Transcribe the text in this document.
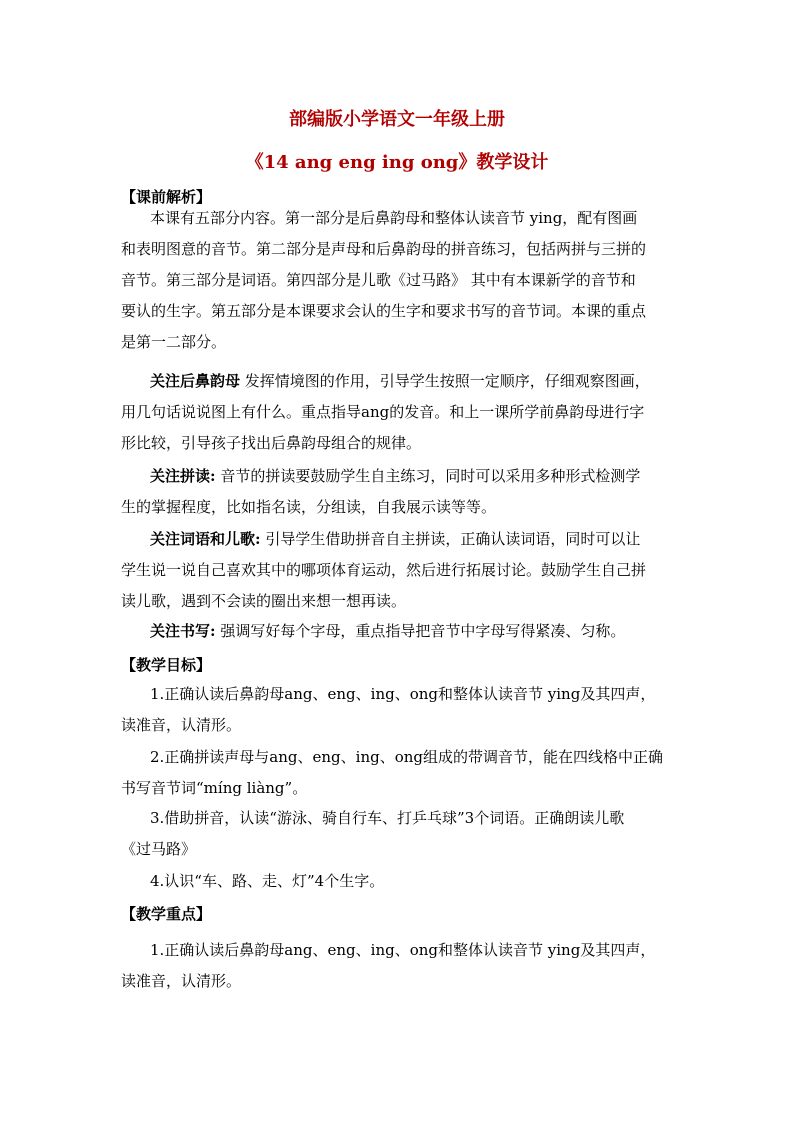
部编版小学语文一年级上册
《14 ang eng ing ong》教学设计
【课前解析】
本课有五部分内容。第一部分是后鼻韵母和整体认读音节 ying，配有图画
和表明图意的音节。第二部分是声母和后鼻韵母的拼音练习，包括两拼与三拼的
音节。第三部分是词语。第四部分是儿歌《过马路》 其中有本课新学的音节和
要认的生字。第五部分是本课要求会认的生字和要求书写的音节词。本课的重点
是第一二部分。
关注后鼻韵母 发挥情境图的作用，引导学生按照一定顺序，仔细观察图画，
用几句话说说图上有什么。重点指导ang的发音。和上一课所学前鼻韵母进行字
形比较，引导孩子找出后鼻韵母组合的规律。
关注拼读: 音节的拼读要鼓励学生自主练习，同时可以采用多种形式检测学
生的掌握程度，比如指名读，分组读，自我展示读等等。
关注词语和儿歌: 引导学生借助拼音自主拼读，正确认读词语，同时可以让
学生说一说自己喜欢其中的哪项体育运动，然后进行拓展讨论。鼓励学生自己拼
读儿歌，遇到不会读的圈出来想一想再读。
关注书写: 强调写好每个字母，重点指导把音节中字母写得紧凑、匀称。
【教学目标】
1.正确认读后鼻韵母ang、eng、ing、ong和整体认读音节 ying及其四声，
读准音，认清形。
2.正确拼读声母与ang、eng、ing、ong组成的带调音节，能在四线格中正确
书写音节词“míng liàng”。
3.借助拼音，认读“游泳、骑自行车、打乒乓球”3个词语。正确朗读儿歌
《过马路》
4.认识“车、路、走、灯”4个生字。
【教学重点】
1.正确认读后鼻韵母ang、eng、ing、ong和整体认读音节 ying及其四声，
读准音，认清形。
